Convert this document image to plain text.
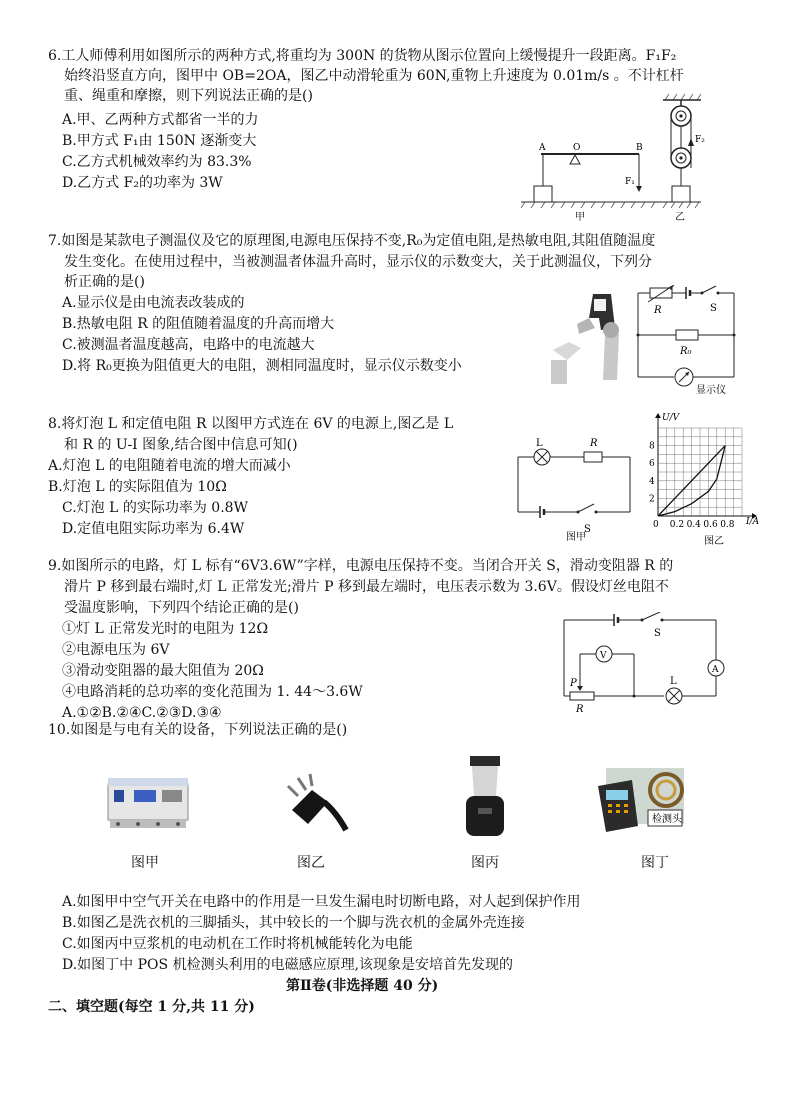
6.工人师傅利用如图所示的两种方式,将重均为 300N 的货物从图示位置向上缓慢提升一段距离。F₁F₂
始终沿竖直方向，图甲中 OB=2OA，图乙中动滑轮重为 60N,重物上升速度为 0.01m/s 。不计杠杆
重、绳重和摩擦，则下列说法正确的是()
A.甲、乙两种方式都省一半的力
B.甲方式 F₁由 150N 逐渐变大
C.乙方式机械效率约为 83.3%
D.乙方式 F₂的功率为 3W
A	O	B
F₁
甲
F₂
乙
7.如图是某款电子测温仪及它的原理图,电源电压保持不变,R₀为定值电阻,是热敏电阻,其阻值随温度
发生变化。在使用过程中，当被测温者体温升高时，显示仪的示数变大，关于此测温仪，下列分
析正确的是()
A.显示仪是由电流表改装成的
B.热敏电阻 R 的阻值随着温度的升高而增大
C.被测温者温度越高，电路中的电流越大
D.将 R₀更换为阻值更大的电阻，测相同温度时，显示仪示数变小
R	S
R₀
显示仪
8.将灯泡 L 和定值电阻 R 以图甲方式连在 6V 的电源上,图乙是 L
和 R 的 U-I 图象,结合图中信息可知()
A.灯泡 L 的电阻随着电流的增大而减小
B.灯泡 L 的实际阻值为 10Ω
C.灯泡 L 的实际功率为 0.8W
D.定值电阻实际功率为 6.4W
L	R
S
图甲
U/V
I/A
图乙
0 0.2 0.4 0.6 0.8
2
4
6
8
9.如图所示的电路，灯 L 标有“6V3.6W”字样，电源电压保持不变。当闭合开关 S，滑动变阻器 R 的
滑片 P 移到最右端时,灯 L 正常发光;滑片 P 移到最左端时，电压表示数为 3.6V。假设灯丝电阻不
受温度影响，下列四个结论正确的是()
①灯 L 正常发光时的电阻为 12Ω
②电源电压为 6V
③滑动变阻器的最大阻值为 20Ω
④电路消耗的总功率的变化范围为 1. 44～3.6W
A.①②B.②④C.②③D.③④
S
A
V
P
R
L
10.如图是与电有关的设备，下列说法正确的是()
检测头
图甲	图乙	图丙	图丁
A.如图甲中空气开关在电路中的作用是一旦发生漏电时切断电路，对人起到保护作用
B.如图乙是洗衣机的三脚插头，其中较长的一个脚与洗衣机的金属外壳连接
C.如图丙中豆浆机的电动机在工作时将机械能转化为电能
D.如图丁中 POS 机检测头利用的电磁感应原理,该现象是安培首先发现的
第Ⅱ卷(非选择题 40 分)
二、填空题(每空 1 分,共 11 分)
